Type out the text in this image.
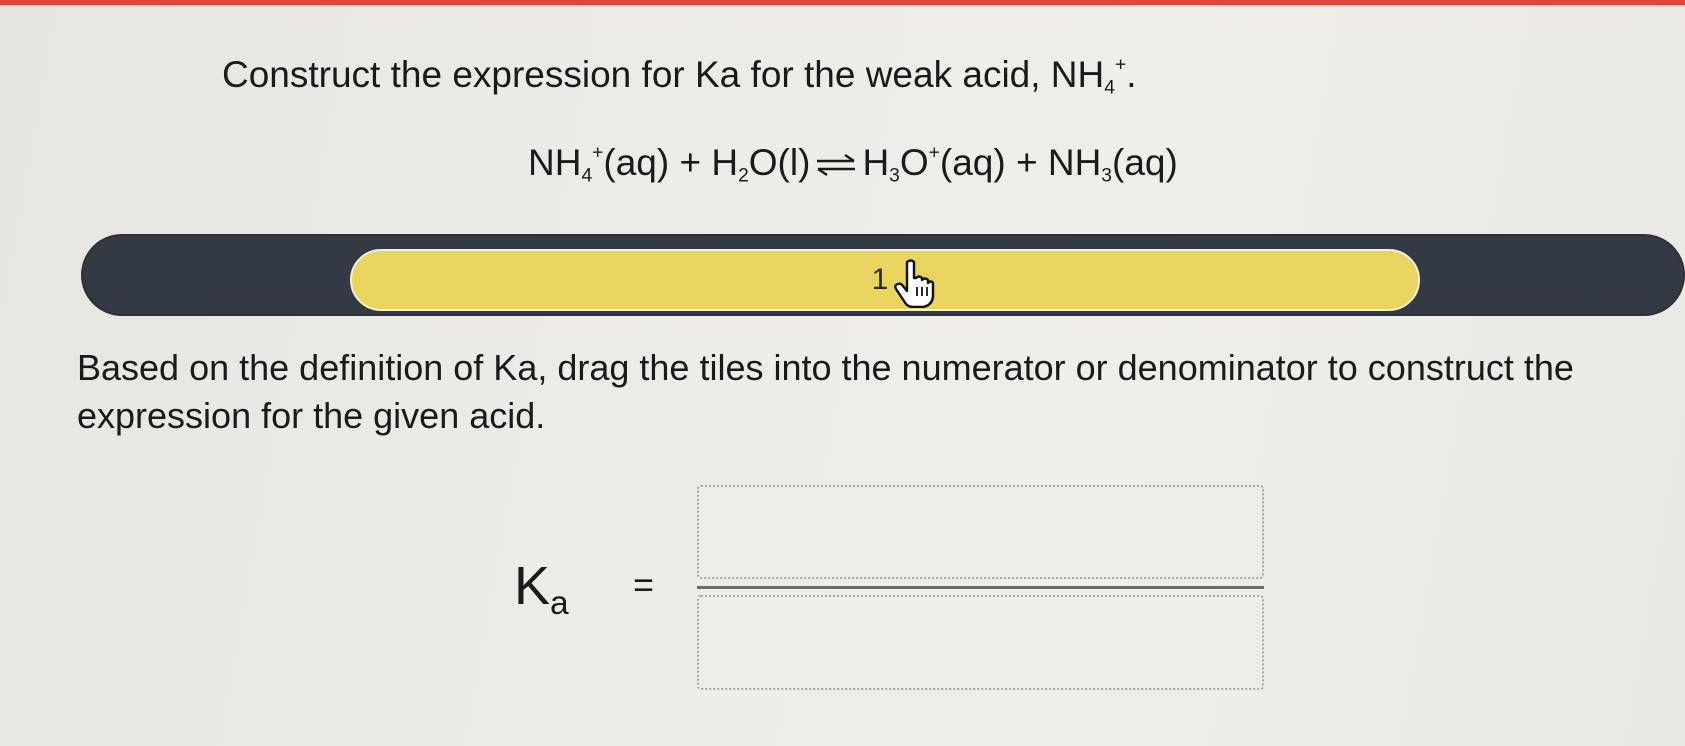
Construct the expression for Ka for the weak acid, $NH_4^+$.
$NH_4^+(aq) + H_2O(l)$ ⇌ $H_3O^+(aq) + NH_3(aq)$
1
Based on the definition of Ka, drag the tiles into the numerator or denominator to construct the expression for the given acid.
$K_a$ =
